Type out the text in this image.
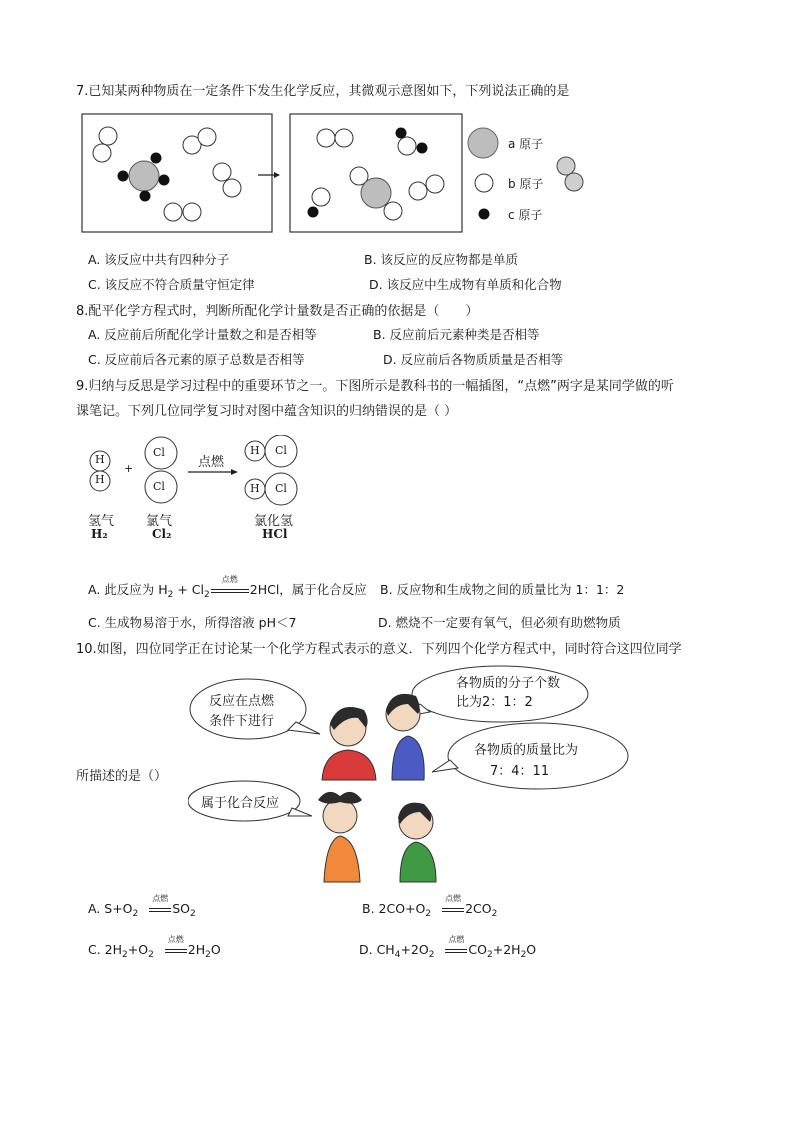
7.已知某两种物质在一定条件下发生化学反应，其微观示意图如下，下列说法正确的是
a 原子
b 原子
c 原子
A. 该反应中共有四种分子	B. 该反应的反应物都是单质
C. 该反应不符合质量守恒定律	D. 该反应中生成物有单质和化合物
8.配平化学方程式时，判断所配化学计量数是否正确的依据是（　　）
A. 反应前后所配化学计量数之和是否相等	B. 反应前后元素种类是否相等
C. 反应前后各元素的原子总数是否相等	D. 反应前后各物质质量是否相等
9.归纳与反思是学习过程中的重要环节之一。下图所示是教科书的一幅插图，“点燃”两字是某同学做的听
课笔记。下列几位同学复习时对图中蕴含知识的归纳错误的是（ ）
H
H
+
Cl
Cl
点燃
H Cl
H Cl
氢气
H₂
氯气
Cl₂
氯化氢
HCl
A. 此反应为 $H_2 + Cl_2$
点燃
2HCl，属于化合反应 B. 反应物和生成物之间的质量比为 1：1：2
C. 生成物易溶于水，所得溶液 pH＜7	D. 燃烧不一定要有氧气，但必须有助燃物质
10.如图，四位同学正在讨论某一个化学方程式表示的意义．下列四个化学方程式中，同时符合这四位同学
所描述的是（）
反应在点燃
条件下进行
各物质的分子个数
比为2：1：2
各物质的质量比为
7：4：11
属于化合反应
A. $S+O_2$
点燃
$SO_2$	B. $2CO+O_2$
点燃
$2CO_2$
C. $2H_2+O_2$
点燃
$2H_2O$	D. $CH_4+2O_2$
点燃
$CO_2+2H_2O$
